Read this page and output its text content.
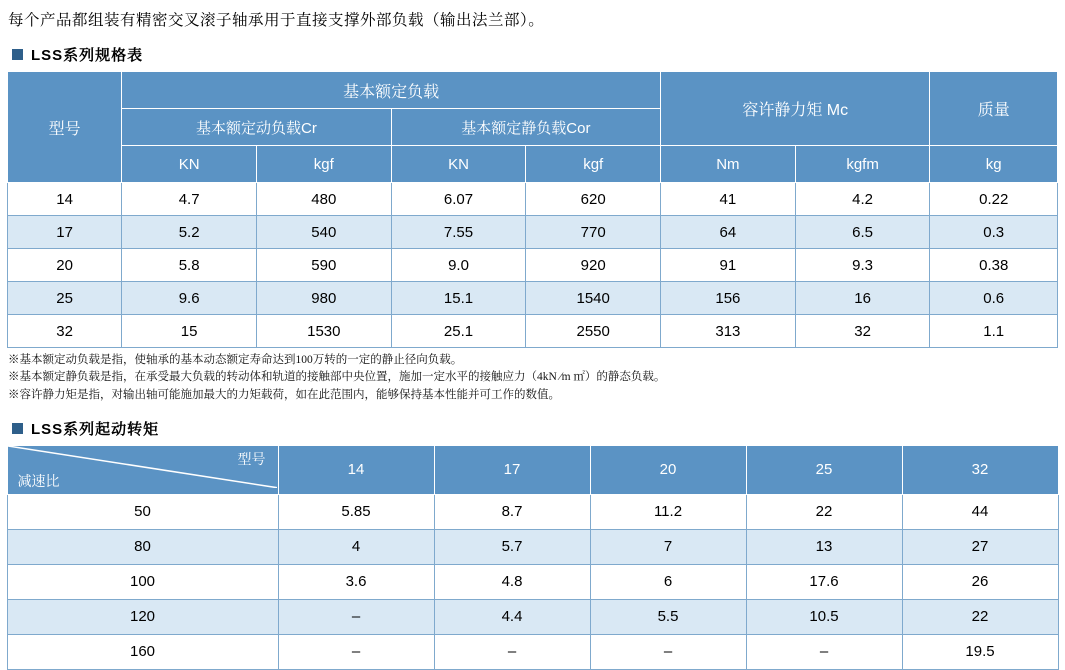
每个产品都组装有精密交叉滚子轴承用于直接支撑外部负载（输出法兰部）。
LSS系列规格表
型号	基本额定负载				容许静力矩 Mc		质量
	基本额定动负载Cr		基本额定静负载Cor				
	KN	kgf	KN	kgf	Nm	kgfm	kg
14	4.7	480	6.07	620	41	4.2	0.22
17	5.2	540	7.55	770	64	6.5	0.3
20	5.8	590	9.0	920	91	9.3	0.38
25	9.6	980	15.1	1540	156	16	0.6
32	15	1530	25.1	2550	313	32	1.1
※基本额定动负载是指，使轴承的基本动态额定寿命达到100万转的一定的静止径向负载。
※基本额定静负载是指，在承受最大负载的转动体和轨道的接触部中央位置，施加一定水平的接触应力（4kN ⁄m ㎡）的静态负载。
※容许静力矩是指，对输出轴可能施加最大的力矩载荷，如在此范围内，能够保持基本性能并可工作的数值。
LSS系列起动转矩
型号
减速比	14	17	20	25	32
50	5.85	8.7	11.2	22	44
80	4	5.7	7	13	27
100	3.6	4.8	6	17.6	26
120	–	4.4	5.5	10.5	22
160	–	–	–	–	19.5
